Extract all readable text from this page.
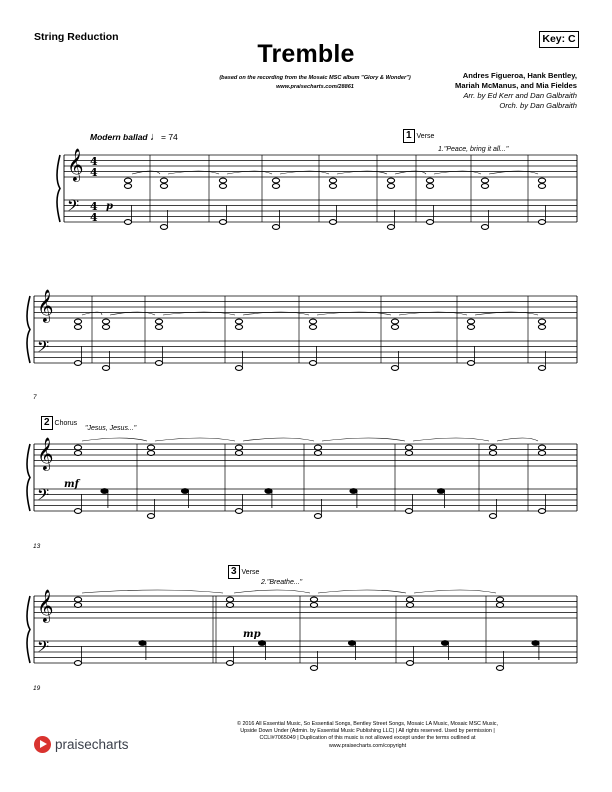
String Reduction	Key: C
Tremble
(based on the recording from the Mosaic MSC album "Glory & Wonder")
www.praisecharts.com/28861
Andres Figueroa, Hank Bentley,
Mariah McManus, and Mia Fieldes
Arr. by Ed Kerr and Dan Galbraith
Orch. by Dan Galbraith
Modern ballad ♩= 74	1 Verse
2 Chorus
3 Verse
1."Peace, bring it all..."
"Jesus, Jesus..."
2."Breathe..."
7
13
19
p
mf
mp
𝄞
𝄢
4
4
4
4
𝄞
𝄢
𝄞
𝄢
𝄞
𝄢
© 2016 All Essential Music, So Essential Songs, Bentley Street Songs, Mosaic LA Music, Mosaic MSC Music,
Upside Down Under (Admin. by Essential Music Publishing LLC) | All rights reserved. Used by permission |
CCLI#7065049 | Duplication of this music is not allowed except under the terms outlined at
www.praisecharts.com/copyright
praisecharts
